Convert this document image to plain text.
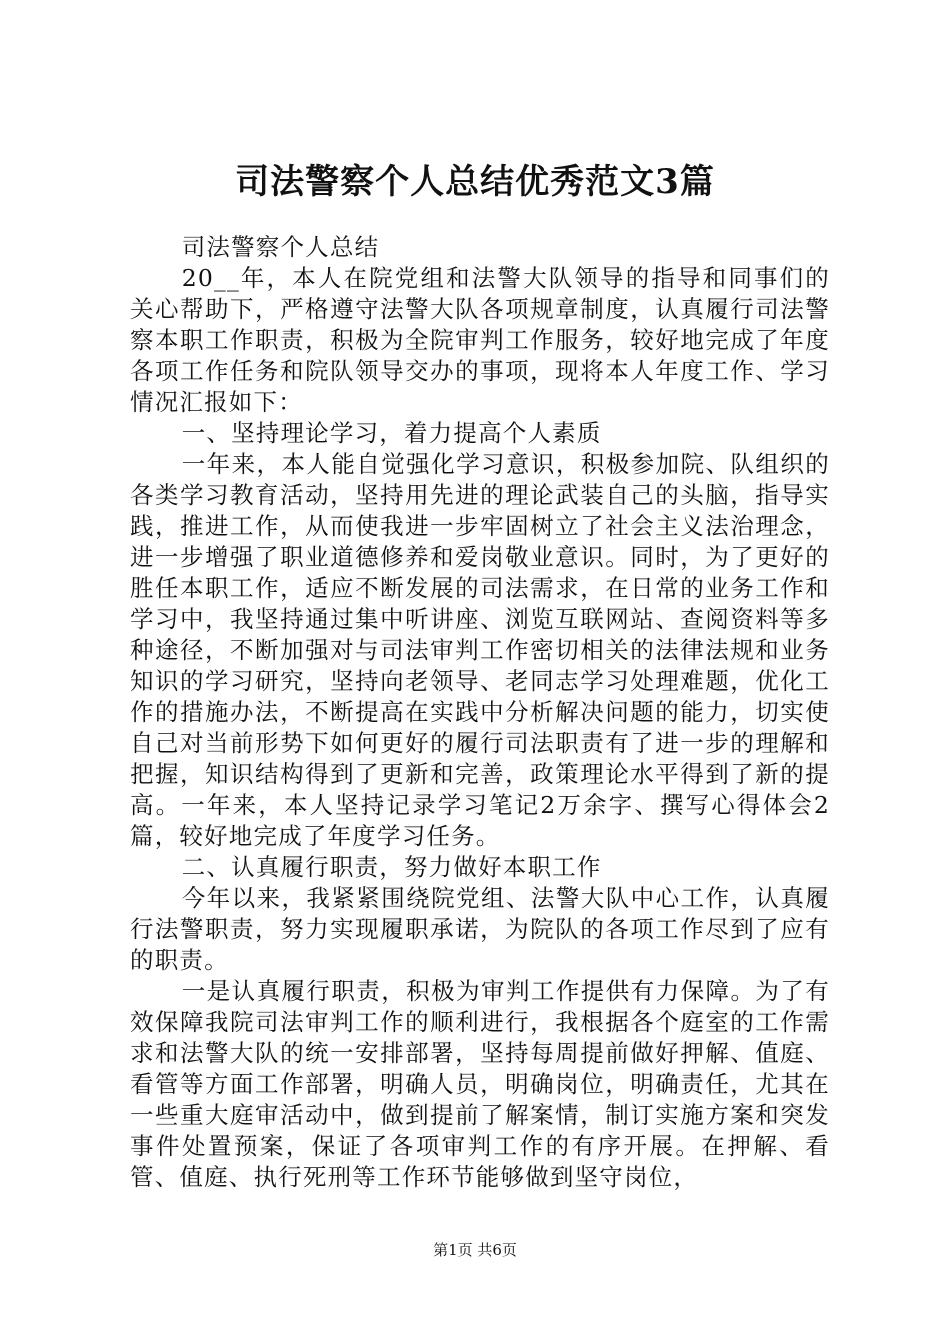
司法警察个人总结优秀范文3篇

司法警察个人总结

20__年，本人在院党组和法警大队领导的指导和同事们的关心帮助下，严格遵守法警大队各项规章制度，认真履行司法警察本职工作职责，积极为全院审判工作服务，较好地完成了年度各项工作任务和院队领导交办的事项，现将本人年度工作、学习情况汇报如下：

一、坚持理论学习，着力提高个人素质

一年来，本人能自觉强化学习意识，积极参加院、队组织的各类学习教育活动，坚持用先进的理论武装自己的头脑，指导实践，推进工作，从而使我进一步牢固树立了社会主义法治理念，进一步增强了职业道德修养和爱岗敬业意识。同时，为了更好的胜任本职工作，适应不断发展的司法需求，在日常的业务工作和学习中，我坚持通过集中听讲座、浏览互联网站、查阅资料等多种途径，不断加强对与司法审判工作密切相关的法律法规和业务知识的学习研究，坚持向老领导、老同志学习处理难题，优化工作的措施办法，不断提高在实践中分析解决问题的能力，切实使自己对当前形势下如何更好的履行司法职责有了进一步的理解和把握，知识结构得到了更新和完善，政策理论水平得到了新的提高。一年来，本人坚持记录学习笔记2万余字、撰写心得体会2篇，较好地完成了年度学习任务。

二、认真履行职责，努力做好本职工作

今年以来，我紧紧围绕院党组、法警大队中心工作，认真履行法警职责，努力实现履职承诺，为院队的各项工作尽到了应有的职责。

一是认真履行职责，积极为审判工作提供有力保障。为了有效保障我院司法审判工作的顺利进行，我根据各个庭室的工作需求和法警大队的统一安排部署，坚持每周提前做好押解、值庭、看管等方面工作部署，明确人员，明确岗位，明确责任，尤其在一些重大庭审活动中，做到提前了解案情，制订实施方案和突发事件处置预案，保证了各项审判工作的有序开展。在押解、看管、值庭、执行死刑等工作环节能够做到坚守岗位，

第1页 共6页
